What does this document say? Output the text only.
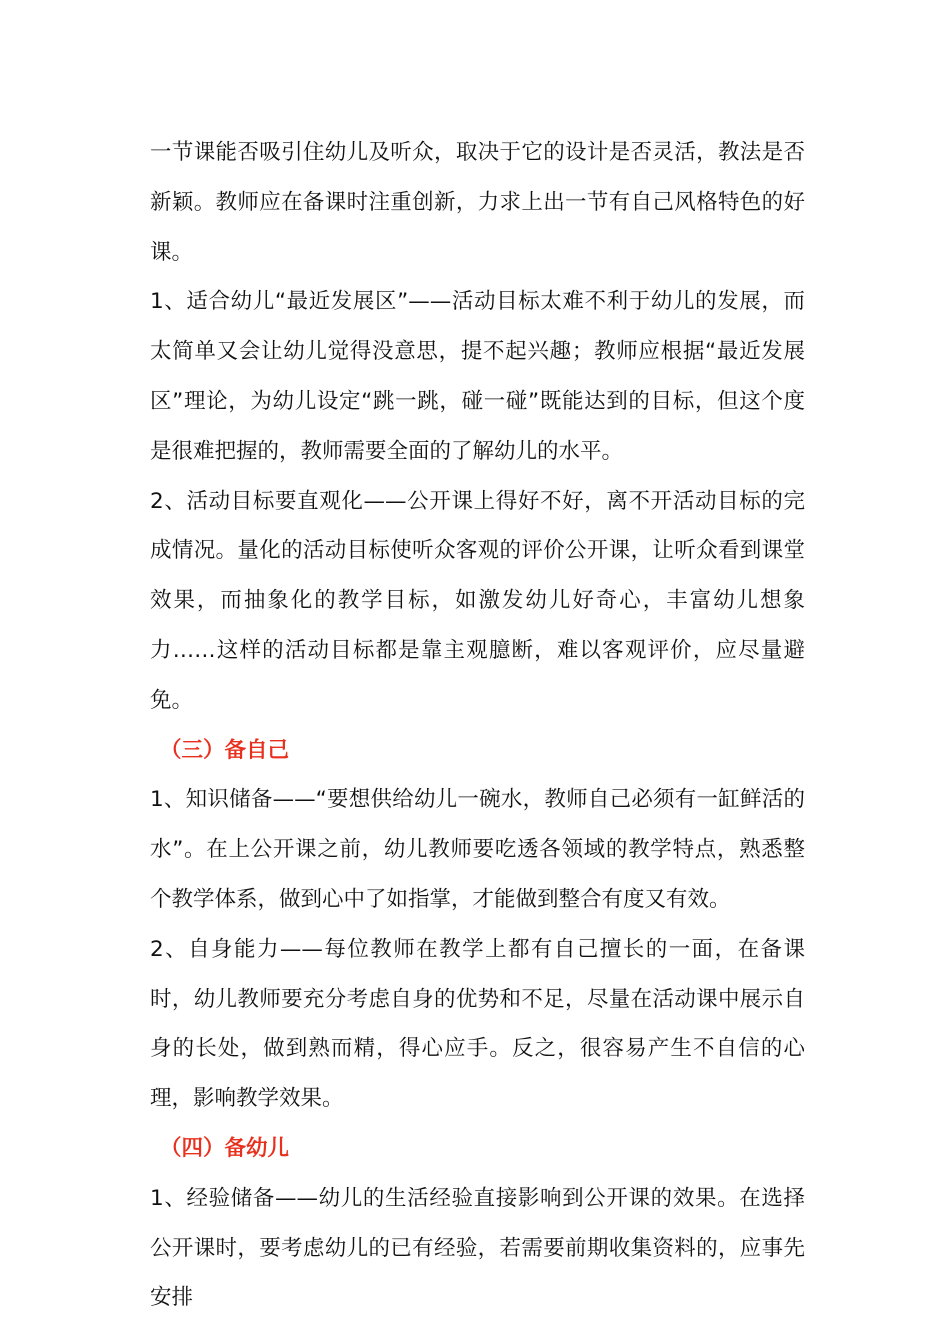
一节课能否吸引住幼儿及听众，取决于它的设计是否灵活，教法是否新颖。教师应在备课时注重创新，力求上出一节有自己风格特色的好课。

1、适合幼儿“最近发展区”——活动目标太难不利于幼儿的发展，而太简单又会让幼儿觉得没意思，提不起兴趣；教师应根据“最近发展区”理论，为幼儿设定“跳一跳，碰一碰”既能达到的目标，但这个度是很难把握的，教师需要全面的了解幼儿的水平。

2、活动目标要直观化——公开课上得好不好，离不开活动目标的完成情况。量化的活动目标使听众客观的评价公开课，让听众看到课堂效果，而抽象化的教学目标，如激发幼儿好奇心，丰富幼儿想象力……这样的活动目标都是靠主观臆断，难以客观评价，应尽量避免。

（三）备自己

1、知识储备——“要想供给幼儿一碗水，教师自己必须有一缸鲜活的水”。在上公开课之前，幼儿教师要吃透各领域的教学特点，熟悉整个教学体系，做到心中了如指掌，才能做到整合有度又有效。

2、自身能力——每位教师在教学上都有自己擅长的一面，在备课时，幼儿教师要充分考虑自身的优势和不足，尽量在活动课中展示自身的长处，做到熟而精，得心应手。反之，很容易产生不自信的心理，影响教学效果。

（四）备幼儿

1、经验储备——幼儿的生活经验直接影响到公开课的效果。在选择公开课时，要考虑幼儿的已有经验，若需要前期收集资料的，应事先安排
